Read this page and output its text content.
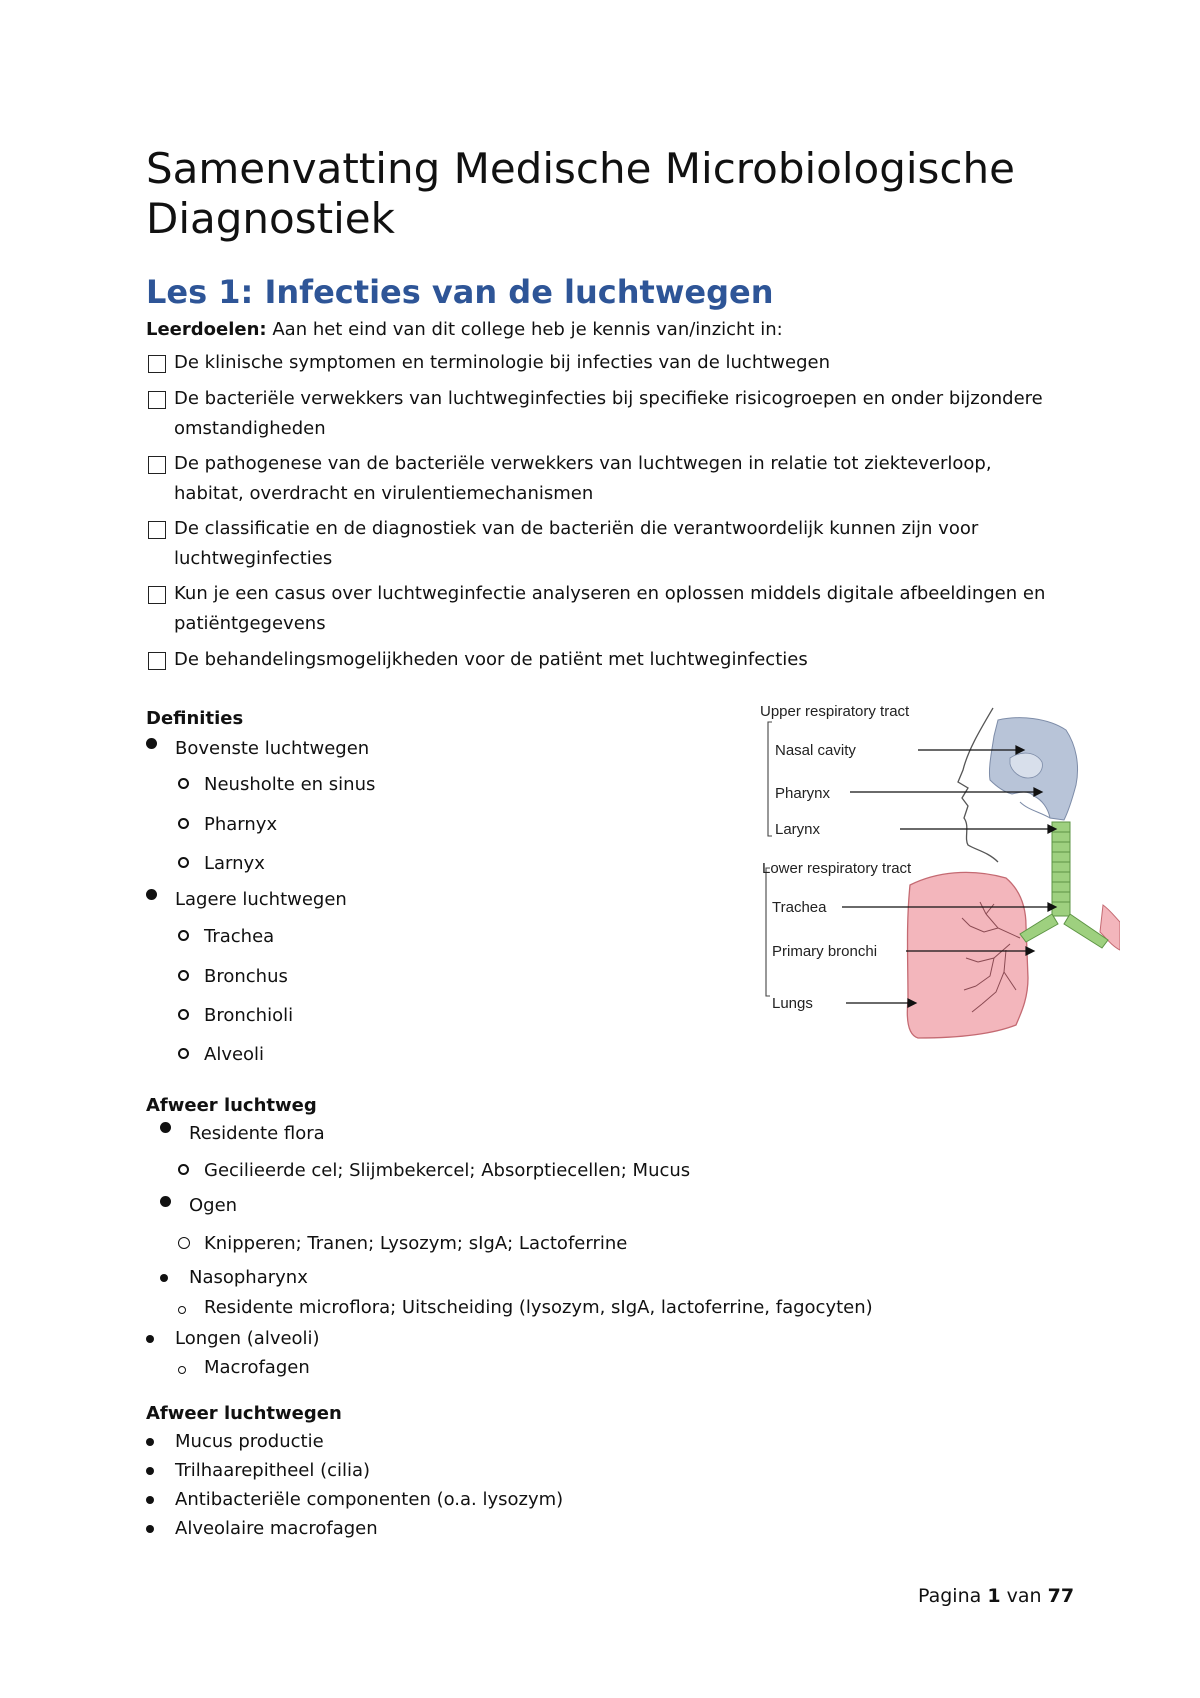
Samenvatting Medische Microbiologische Diagnostiek
Les 1: Infecties van de luchtwegen
Leerdoelen: Aan het eind van dit college heb je kennis van/inzicht in:
De klinische symptomen en terminologie bij infecties van de luchtwegen
De bacteriële verwekkers van luchtweginfecties bij specifieke risicogroepen en onder bijzondere omstandigheden
De pathogenese van de bacteriële verwekkers van luchtwegen in relatie tot ziekteverloop, habitat, overdracht en virulentiemechanismen
De classificatie en de diagnostiek van de bacteriën die verantwoordelijk kunnen zijn voor luchtweginfecties
Kun je een casus over luchtweginfectie analyseren en oplossen middels digitale afbeeldingen en patiëntgegevens
De behandelingsmogelijkheden voor de patiënt met luchtweginfecties
Definities
Bovenste luchtwegen
Neusholte en sinus
Pharnyx
Larnyx
Lagere luchtwegen
Trachea
Bronchus
Bronchioli
Alveoli
Upper respiratory tract
Nasal cavity
Pharynx
Larynx
Lower respiratory tract
Trachea
Primary bronchi
Lungs
Afweer luchtweg
Residente flora
Gecilieerde cel; Slijmbekercel; Absorptiecellen; Mucus
Ogen
Knipperen; Tranen; Lysozym; sIgA; Lactoferrine
Nasopharynx
Residente microflora; Uitscheiding (lysozym, sIgA, lactoferrine, fagocyten)
Longen (alveoli)
Macrofagen
Afweer luchtwegen
Mucus productie
Trilhaarepitheel (cilia)
Antibacteriële componenten (o.a. lysozym)
Alveolaire macrofagen
Pagina 1 van 77
